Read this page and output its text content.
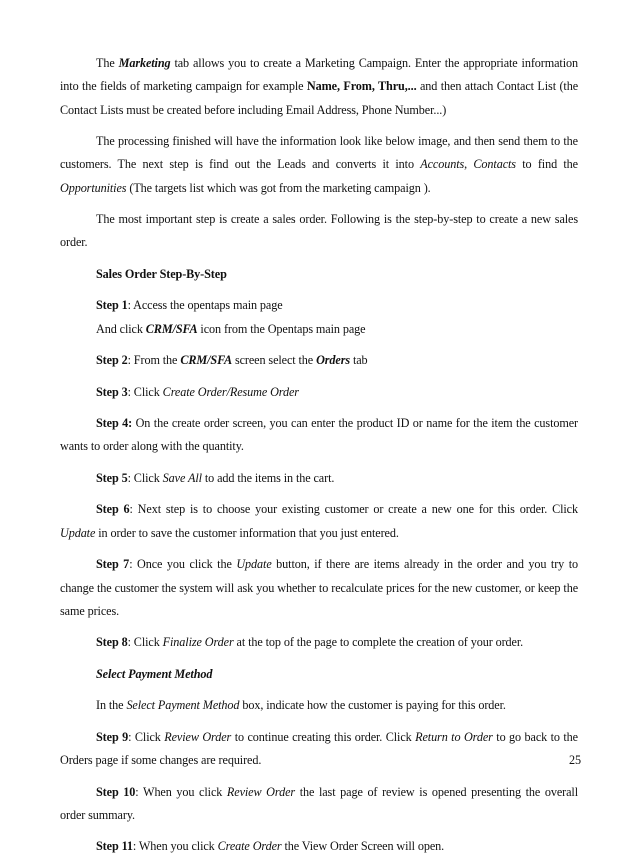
The Marketing tab allows you to create a Marketing Campaign. Enter the appropriate information into the fields of marketing campaign for example Name, From, Thru,... and then attach Contact List (the Contact Lists must be created before including Email Address, Phone Number...)

The processing finished will have the information look like below image, and then send them to the customers. The next step is find out the Leads and converts it into Accounts, Contacts to find the Opportunities (The targets list which was got from the marketing campaign ).

The most important step is create a sales order. Following is the step-by-step to create a new sales order.

Sales Order Step-By-Step

Step 1: Access the opentaps main page

And click CRM/SFA icon from the Opentaps main page

Step 2: From the CRM/SFA screen select the Orders tab

Step 3: Click Create Order/Resume Order

Step 4: On the create order screen, you can enter the product ID or name for the item the customer wants to order along with the quantity.

Step 5: Click Save All to add the items in the cart.

Step 6: Next step is to choose your existing customer or create a new one for this order. Click Update in order to save the customer information that you just entered.

Step 7: Once you click the Update button, if there are items already in the order and you try to change the customer the system will ask you whether to recalculate prices for the new customer, or keep the same prices.

Step 8: Click Finalize Order at the top of the page to complete the creation of your order.

Select Payment Method

In the Select Payment Method box, indicate how the customer is paying for this order.

Step 9: Click Review Order to continue creating this order. Click Return to Order to go back to the Orders page if some changes are required.

Step 10: When you click Review Order the last page of review is opened presenting the overall order summary.

Step 11: When you click Create Order the View Order Screen will open.

25
